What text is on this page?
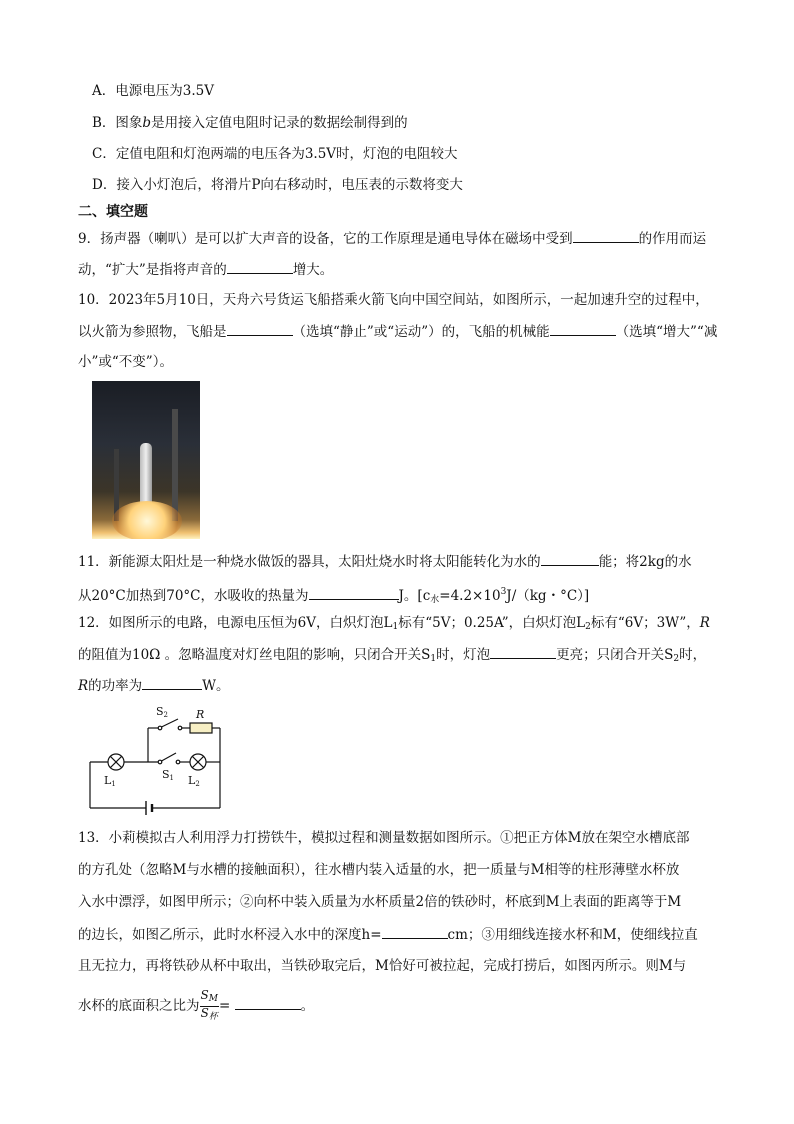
A．电源电压为3.5V
B．图象b是用接入定值电阻时记录的数据绘制得到的
C．定值电阻和灯泡两端的电压各为3.5V时，灯泡的电阻较大
D．接入小灯泡后，将滑片P向右移动时，电压表的示数将变大
二、填空题
9．扬声器（喇叭）是可以扩大声音的设备，它的工作原理是通电导体在磁场中受到	的作用而运
动，“扩大”是指将声音的	增大。
10．2023年5月10日，天舟六号货运飞船搭乘火箭飞向中国空间站，如图所示，一起加速升空的过程中，
以火箭为参照物，飞船是	（选填“静止”或“运动”）的，飞船的机械能	（选填“增大”“减
小”或“不变”）。
11．新能源太阳灶是一种烧水做饭的器具，太阳灶烧水时将太阳能转化为水的	能；将2kg的水
从20°C加热到70°C，水吸收的热量为	J。[$c_水=4.2\times 10^3J/(kg$・°C）]
12．如图所示的电路，电源电压恒为6V，白炽灯泡$L_1$标有“5V；0.25A”，白炽灯泡$L_2$标有“6V；3W”，R
的阻值为10Ω 。忽略温度对灯丝电阻的影响，只闭合开关$S_1$时，灯泡	更亮；只闭合开关$S_2$时，
R的功率为	W。
S2	R
S1
L1	L2
13．小莉模拟古人利用浮力打捞铁牛，模拟过程和测量数据如图所示。①把正方体M放在架空水槽底部
的方孔处（忽略M与水槽的接触面积），往水槽内装入适量的水，把一质量与M相等的柱形薄壁水杯放
入水中漂浮，如图甲所示；②向杯中装入质量为水杯质量2倍的铁砂时，杯底到M上表面的距离等于M
的边长，如图乙所示，此时水杯浸入水中的深度h=	cm；③用细线连接水杯和M，使细线拉直
且无拉力，再将铁砂从杯中取出，当铁砂取完后，M恰好可被拉起，完成打捞后，如图丙所示。则M与
水杯的底面积之比为 $\frac{S_M}{S_杯}$ =	。
